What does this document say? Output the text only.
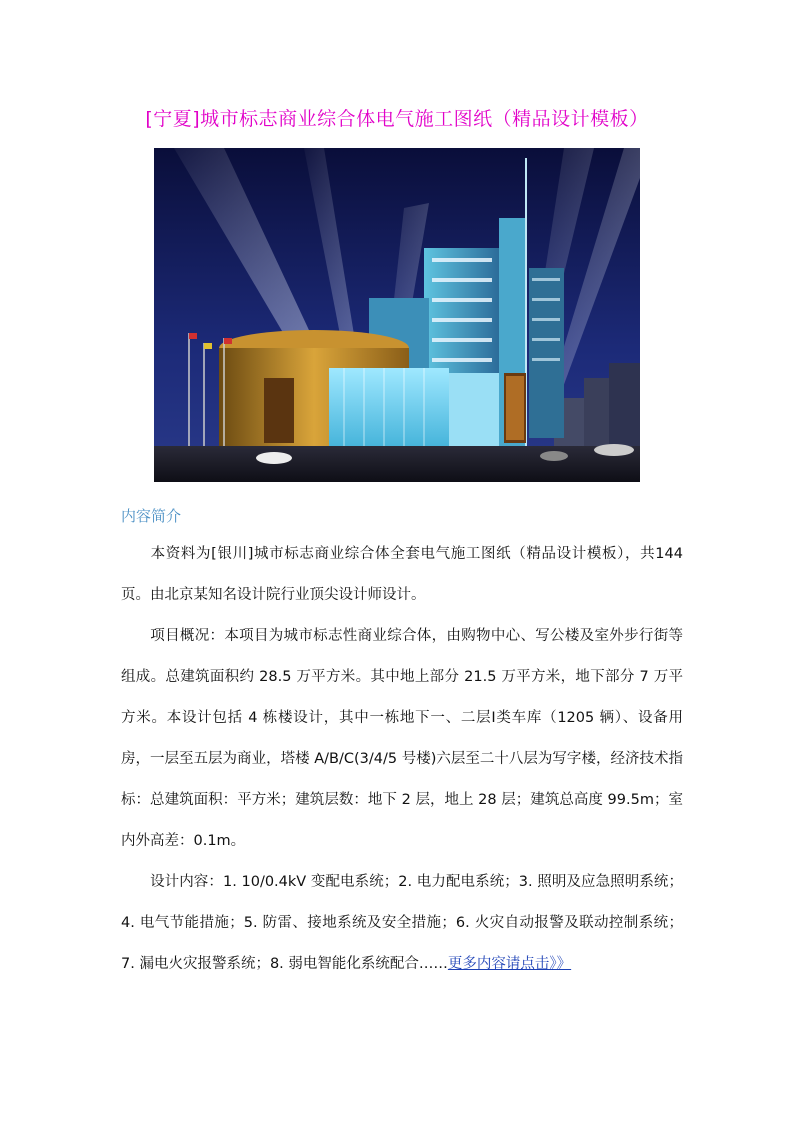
[宁夏]城市标志商业综合体电气施工图纸（精品设计模板）
内容简介

本资料为[银川]城市标志商业综合体全套电气施工图纸（精品设计模板），共144页。由北京某知名设计院行业顶尖设计师设计。

项目概况：本项目为城市标志性商业综合体，由购物中心、写公楼及室外步行街等组成。总建筑面积约 28.5 万平方米。其中地上部分 21.5 万平方米，地下部分 7 万平方米。本设计包括 4 栋楼设计，其中一栋地下一、二层Ⅰ类车库（1205 辆）、设备用房，一层至五层为商业，塔楼 A/B/C(3/4/5 号楼)六层至二十八层为写字楼，经济技术指标：总建筑面积：平方米；建筑层数：地下 2 层，地上 28 层；建筑总高度 99.5m；室内外高差：0.1m。

设计内容：1. 10/0.4kV 变配电系统；2. 电力配电系统；3. 照明及应急照明系统；4. 电气节能措施；5. 防雷、接地系统及安全措施；6. 火灾自动报警及联动控制系统；7. 漏电火灾报警系统；8. 弱电智能化系统配合……更多内容请点击》》
